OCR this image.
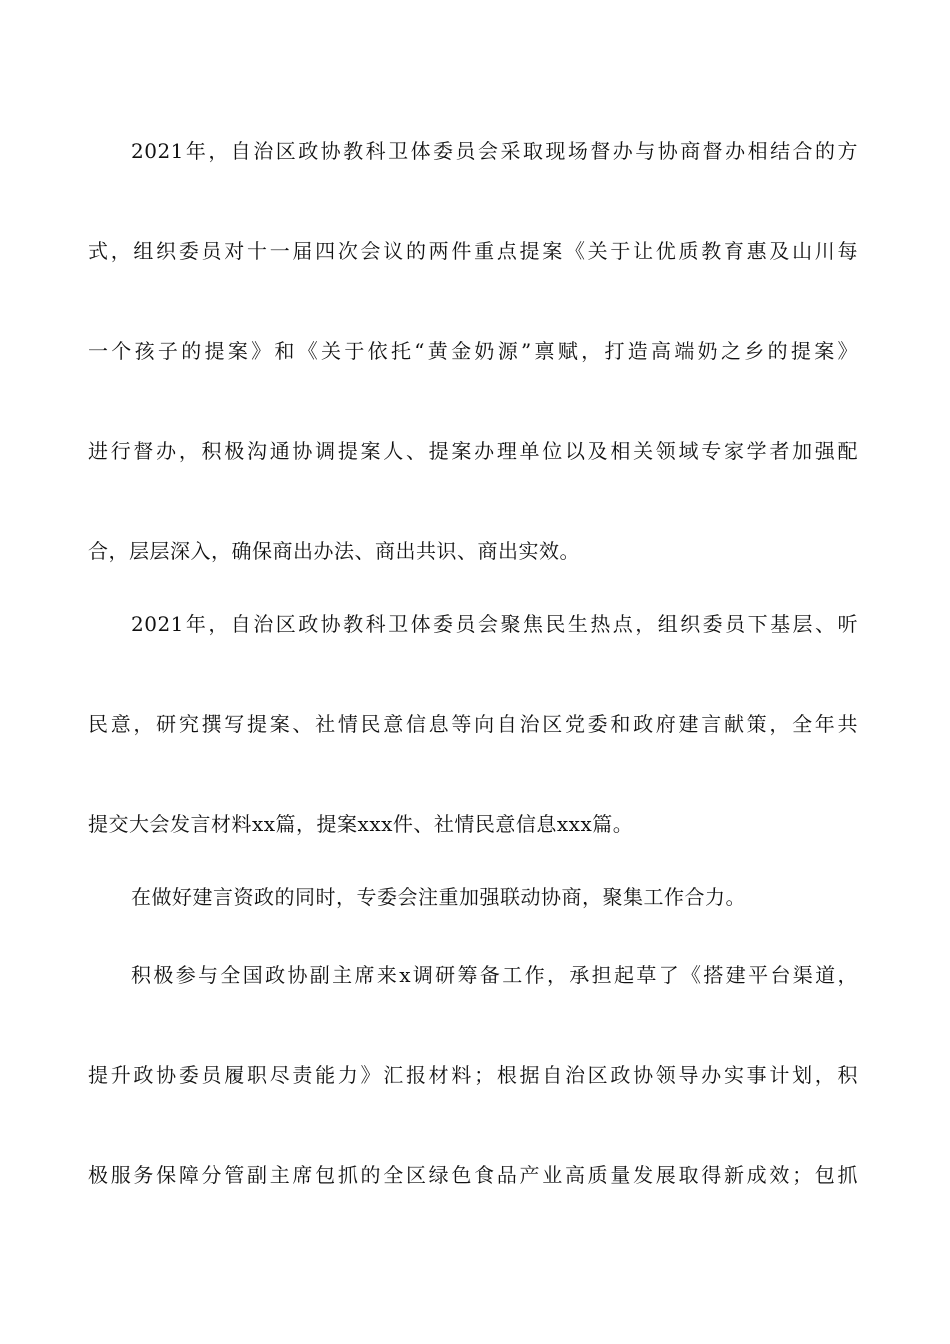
2021年，自治区政协教科卫体委员会采取现场督办与协商督办相结合的方
式，组织委员对十一届四次会议的两件重点提案《关于让优质教育惠及山川每
一个孩子的提案》和《关于依托“黄金奶源”禀赋，打造高端奶之乡的提案》
进行督办，积极沟通协调提案人、提案办理单位以及相关领域专家学者加强配
合，层层深入，确保商出办法、商出共识、商出实效。
2021年，自治区政协教科卫体委员会聚焦民生热点，组织委员下基层、听
民意，研究撰写提案、社情民意信息等向自治区党委和政府建言献策，全年共
提交大会发言材料xx篇，提案xxx件、社情民意信息xxx篇。
在做好建言资政的同时，专委会注重加强联动协商，聚集工作合力。
积极参与全国政协副主席来x调研筹备工作，承担起草了《搭建平台渠道，
提升政协委员履职尽责能力》汇报材料；根据自治区政协领导办实事计划，积
极服务保障分管副主席包抓的全区绿色食品产业高质量发展取得新成效；包抓
